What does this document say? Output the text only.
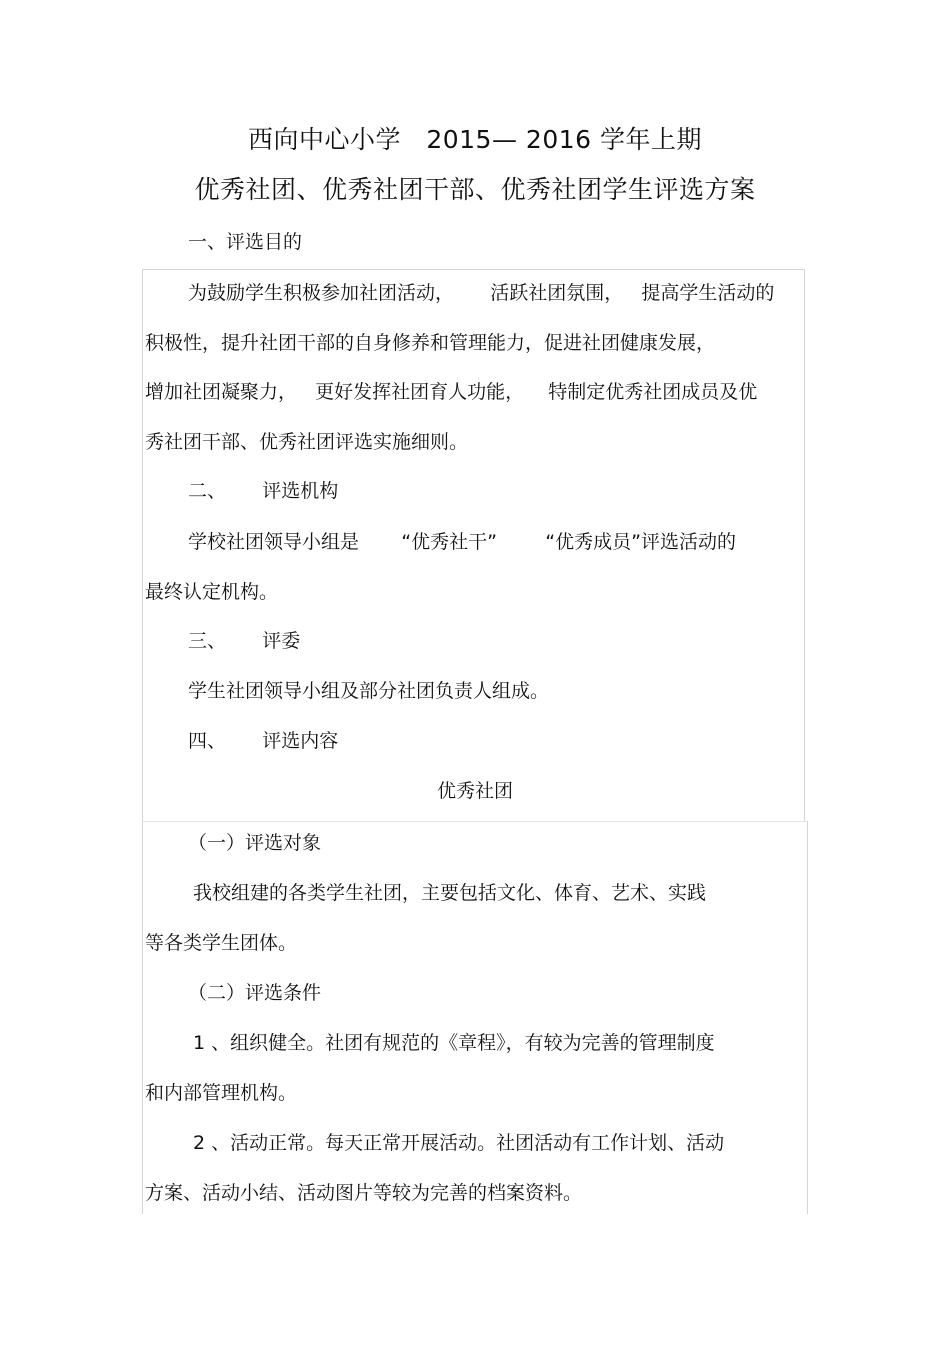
西向中心小学   2015— 2016 学年上期
优秀社团、优秀社团干部、优秀社团学生评选方案
一、评选目的
为鼓励学生积极参加社团活动，      活跃社团氛围，   提高学生活动的
积极性，提升社团干部的自身修养和管理能力，促进社团健康发展，
增加社团凝聚力，   更好发挥社团育人功能，    特制定优秀社团成员及优
秀社团干部、优秀社团评选实施细则。
二、      评选机构
学校社团领导小组是       “优秀社干”        “优秀成员”评选活动的
最终认定机构。
三、      评委
学生社团领导小组及部分社团负责人组成。
四、      评选内容
优秀社团
（一）评选对象
我校组建的各类学生社团，主要包括文化、体育、艺术、实践
等各类学生团体。
（二）评选条件
1 、组织健全。社团有规范的《章程》，有较为完善的管理制度
和内部管理机构。
2 、活动正常。每天正常开展活动。社团活动有工作计划、活动
方案、活动小结、活动图片等较为完善的档案资料。
